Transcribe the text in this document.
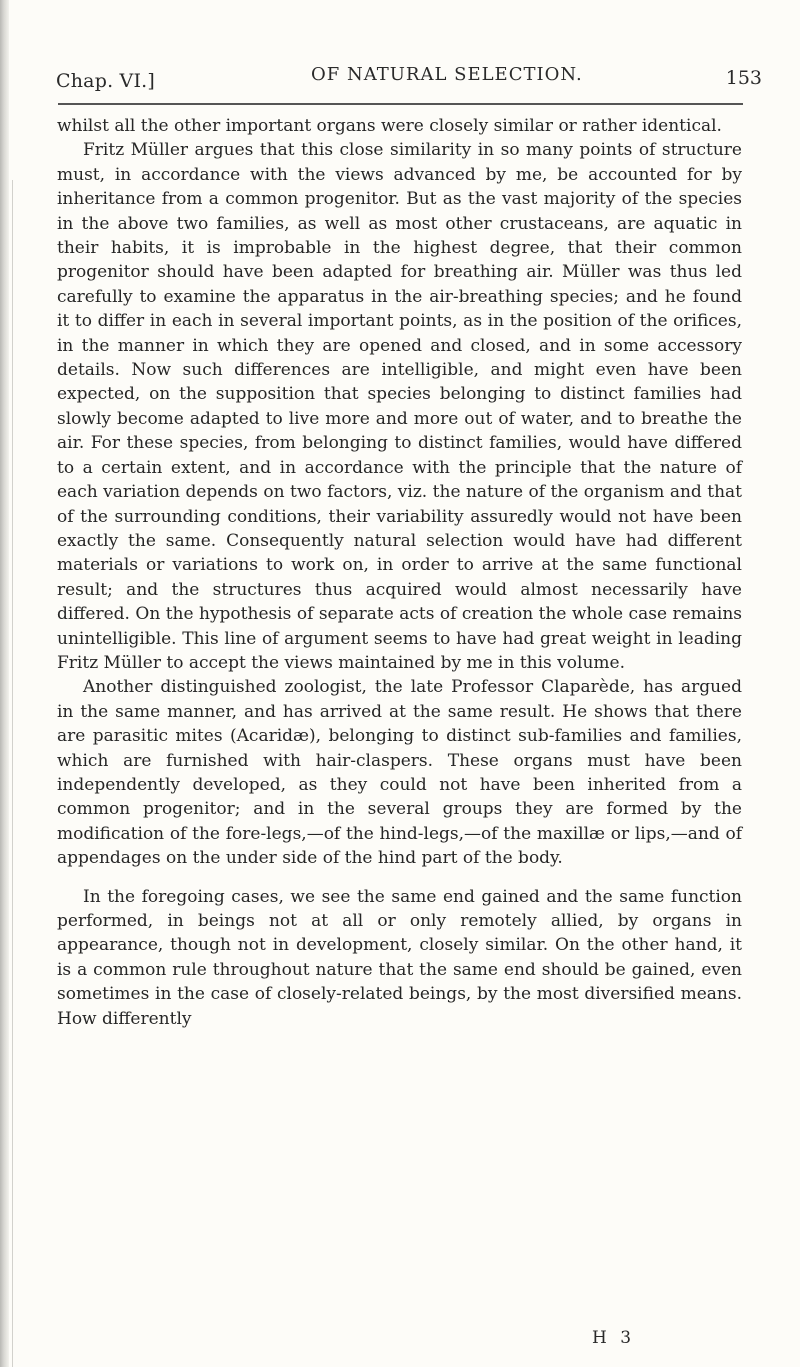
Chap. VI.]	OF NATURAL SELECTION.	153

whilst all the other important organs were closely similar or rather identical.

Fritz Müller argues that this close similarity in so many points of structure must, in accordance with the views advanced by me, be accounted for by inheritance from a common progenitor. But as the vast majority of the species in the above two families, as well as most other crustaceans, are aquatic in their habits, it is improbable in the highest degree, that their common progenitor should have been adapted for breathing air. Müller was thus led carefully to examine the apparatus in the air-breathing species; and he found it to differ in each in several important points, as in the position of the orifices, in the manner in which they are opened and closed, and in some accessory details. Now such differences are intelligible, and might even have been expected, on the supposition that species belonging to distinct families had slowly become adapted to live more and more out of water, and to breathe the air. For these species, from belonging to distinct families, would have differed to a certain extent, and in accordance with the principle that the nature of each variation depends on two factors, viz. the nature of the organism and that of the surrounding conditions, their variability assuredly would not have been exactly the same. Consequently natural selection would have had different materials or variations to work on, in order to arrive at the same functional result; and the structures thus acquired would almost necessarily have differed. On the hypothesis of separate acts of creation the whole case remains unintelligible. This line of argument seems to have had great weight in leading Fritz Müller to accept the views maintained by me in this volume.

Another distinguished zoologist, the late Professor Claparède, has argued in the same manner, and has arrived at the same result. He shows that there are parasitic mites (Acaridæ), belonging to distinct sub-families and families, which are furnished with hair-claspers. These organs must have been independently developed, as they could not have been inherited from a common progenitor; and in the several groups they are formed by the modification of the fore-legs,—of the hind-legs,—of the maxillæ or lips,—and of appendages on the under side of the hind part of the body.

In the foregoing cases, we see the same end gained and the same function performed, in beings not at all or only remotely allied, by organs in appearance, though not in development, closely similar. On the other hand, it is a common rule throughout nature that the same end should be gained, even sometimes in the case of closely-related beings, by the most diversified means. How differently

H 3
